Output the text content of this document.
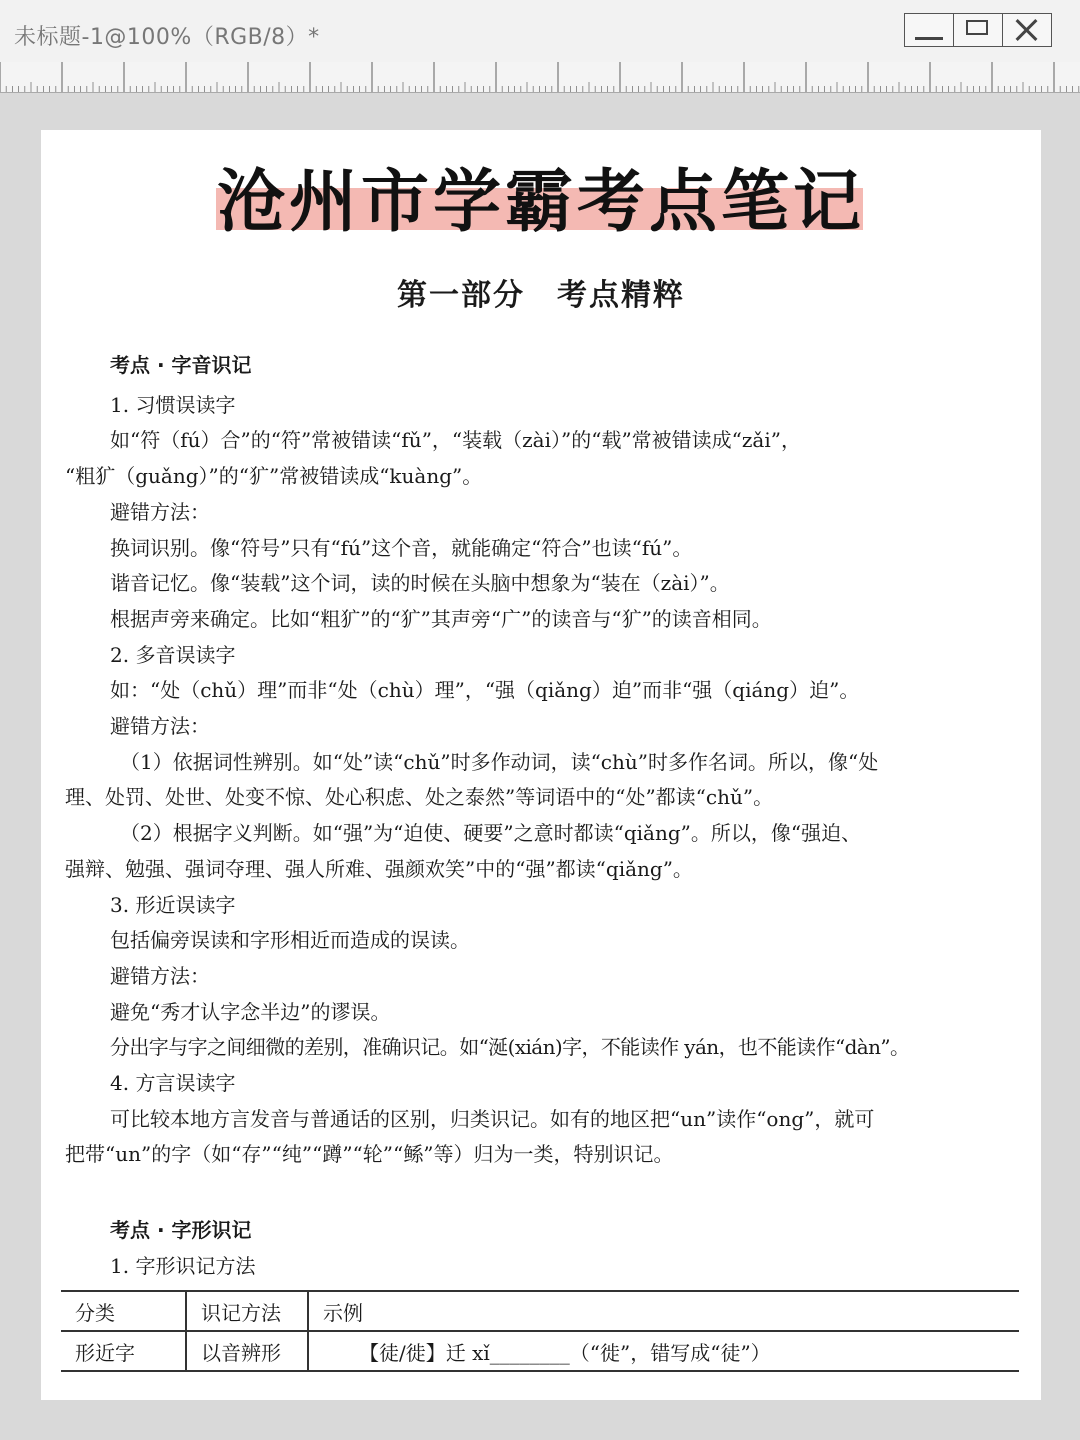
未标题-1@100%（RGB/8）*
沧州市学霸考点笔记
第一部分　考点精粹

考点 · 字音识记

1. 习惯误读字

如“符（fú）合”的“符”常被错读“fǔ”，“装载（zài）”的“载”常被错读成“zǎi”，

“粗犷（guǎng）”的“犷”常被错读成“kuàng”。

避错方法：

换词识别。像“符号”只有“fú”这个音，就能确定“符合”也读“fú”。

谐音记忆。像“装载”这个词，读的时候在头脑中想象为“装在（zài）”。

根据声旁来确定。比如“粗犷”的“犷”其声旁“广”的读音与“犷”的读音相同。

2. 多音误读字

如：“处（chǔ）理”而非“处（chù）理”，“强（qiǎng）迫”而非“强（qiáng）迫”。

避错方法：

（1）依据词性辨别。如“处”读“chǔ”时多作动词，读“chù”时多作名词。所以，像“处

理、处罚、处世、处变不惊、处心积虑、处之泰然”等词语中的“处”都读“chǔ”。

（2）根据字义判断。如“强”为“迫使、硬要”之意时都读“qiǎng”。所以，像“强迫、

强辩、勉强、强词夺理、强人所难、强颜欢笑”中的“强”都读“qiǎng”。

3. 形近误读字

包括偏旁误读和字形相近而造成的误读。

避错方法：

避免“秀才认字念半边”的谬误。

分出字与字之间细微的差别，准确识记。如“涎(xián)字，不能读作 yán，也不能读作“dàn”。

4. 方言误读字

可比较本地方言发音与普通话的区别，归类识记。如有的地区把“un”读作“ong”，就可

把带“un”的字（如“存”“纯”“蹲”“轮”“鲧”等）归为一类，特别识记。

考点 · 字形识记

1. 字形识记方法

分类	识记方法	示例
形近字	以音辨形	【徒/徙】迁 xǐ________（“徙”，错写成“徒”）
